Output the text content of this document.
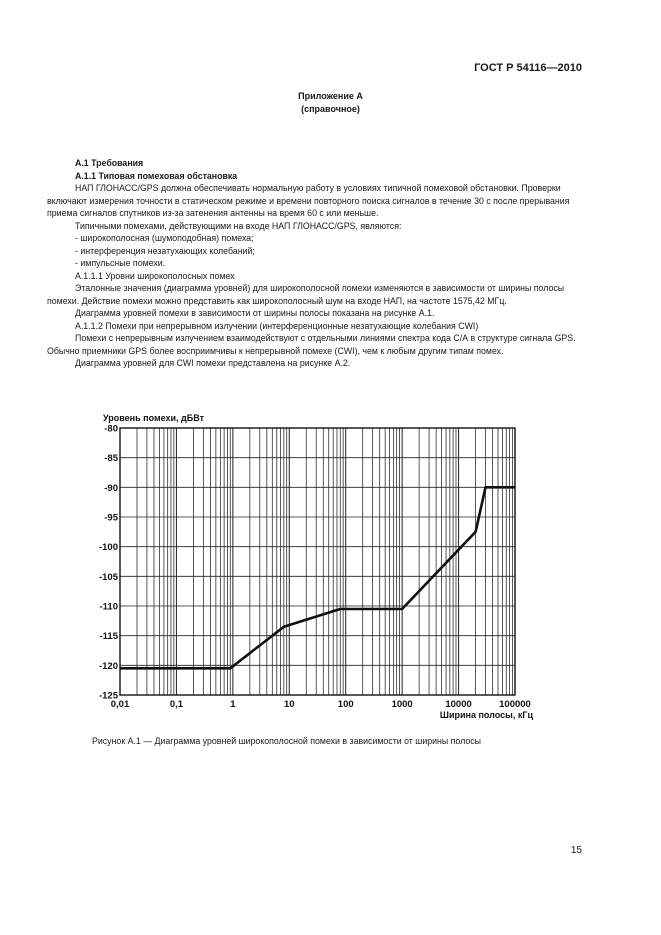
ГОСТ Р 54116—2010
Приложение А
(справочное)

А.1 Требования

А.1.1 Типовая помеховая обстановка

НАП ГЛОНАСС/GPS должна обеспечивать нормальную работу в условиях типичной помеховой обстановки. Проверки включают измерения точности в статическом режиме и времени повторного поиска сигналов в течение 30 с после прерывания приема сигналов спутников из-за затенения антенны на время 60 с или меньше.

Типичными помехами, действующими на входе НАП ГЛОНАСС/GPS, являются:

- широкополосная (шумоподобная) помеха;

- интерференция незатухающих колебаний;

- импульсные помехи.

А.1.1.1 Уровни широкополосных помех

Эталонные значения (диаграмма уровней) для широкополосной помехи изменяются в зависимости от ширины полосы помехи. Действие помехи можно представить как широкополосный шум на входе НАП, на частоте 1575,42 МГц.

Диаграмма уровней помехи в зависимости от ширины полосы показана на рисунке А.1.

А.1.1.2 Помехи при непрерывном излучении (интерференционные незатухающие колебания CWI)

Помехи с непрерывным излучением взаимодействуют с отдельными линиями спектра кода С/А в структуре сигнала GPS. Обычно приемники GPS более восприимчивы к непрерывной помехе (CWI), чем к любым другим типам помех.

Диаграмма уровней для CWI помехи представлена на рисунке А.2.

-80
-85
-90
-95
-100
-105
-110
-115
-120
-125
0,01	0,1	1	10	100	1000	10000	100000
Уровень помехи, дБВт
Ширина полосы, кГц
Рисунок А.1 — Диаграмма уровней широкополосной помехи в зависимости от ширины полосы
15
